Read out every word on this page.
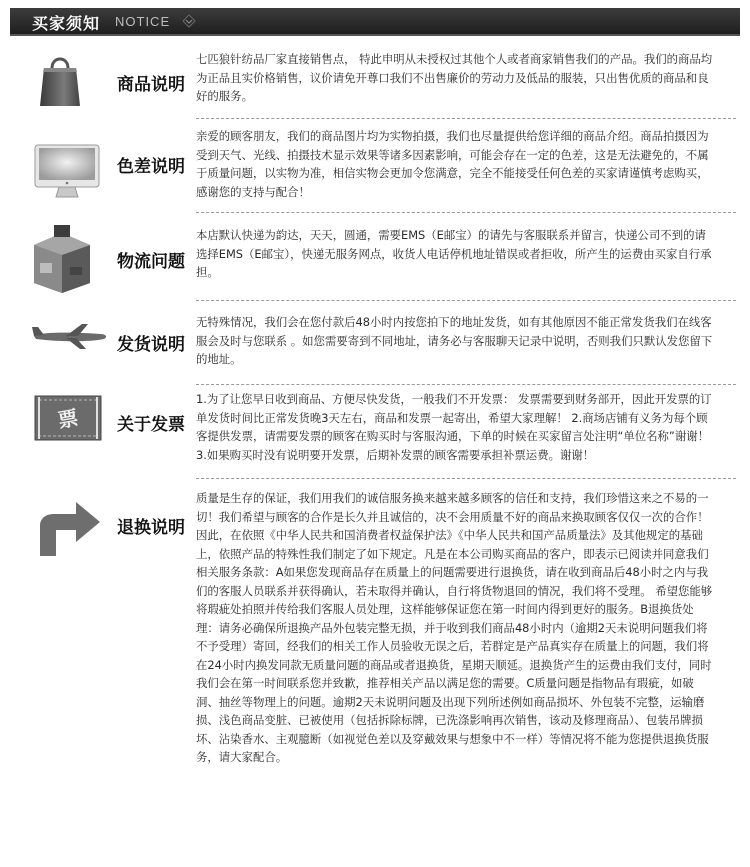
买家须知 NOTICE
商品说明
七匹狼针纺品厂家直接销售点， 特此申明从未授权过其他个人或者商家销售我们的产品。我们的商品均为正品且实价格销售，议价请免开尊口我们不出售廉价的劳动力及低品的服装，只出售优质的商品和良好的服务。
色差说明
亲爱的顾客朋友，我们的商品图片均为实物拍摄，我们也尽量提供给您详细的商品介绍。商品拍摄因为受到天气、光线、拍摄技术显示效果等诸多因素影响，可能会存在一定的色差，这是无法避免的，不属于质量问题，以实物为准，相信实物会更加令您满意，完全不能接受任何色差的买家请谨慎考虑购买，感谢您的支持与配合！
物流问题
本店默认快递为韵达，天天，圆通，需要EMS（E邮宝）的请先与客服联系并留言，快递公司不到的请选择EMS（E邮宝），快递无服务网点，收货人电话停机地址错误或者拒收，所产生的运费由买家自行承担。
发货说明
无特殊情况，我们会在您付款后48小时内按您拍下的地址发货，如有其他原因不能正常发货我们在线客服会及时与您联系 。如您需要寄到不同地址，请务必与客服聊天记录中说明，否则我们只默认发您留下的地址。
票 关于发票
1.为了让您早日收到商品、方便尽快发货，一般我们不开发票： 发票需要到财务部开，因此开发票的订单发货时间比正常发货晚3天左右，商品和发票一起寄出，希望大家理解！ 2.商场店铺有义务为每个顾客提供发票，请需要发票的顾客在购买时与客服沟通，下单的时候在买家留言处注明“单位名称”谢谢！3.如果购买时没有说明要开发票，后期补发票的顾客需要承担补票运费。谢谢！
退换说明
质量是生存的保证，我们用我们的诚信服务换来越来越多顾客的信任和支持，我们珍惜这来之不易的一切！我们希望与顾客的合作是长久并且诚信的，决不会用质量不好的商品来换取顾客仅仅一次的合作！因此，在依照《中华人民共和国消费者权益保护法》《中华人民共和国产品质量法》及其他规定的基础上，依照产品的特殊性我们制定了如下规定。凡是在本公司购买商品的客户，即表示已阅读并同意我们相关服务条款：A如果您发现商品存在质量上的问题需要进行退换货，请在收到商品后48小时之内与我们的客服人员联系并获得确认，若未取得并确认，自行将货物退回的情况，我们将不受理。 希望您能够将瑕疵处拍照并传给我们客服人员处理，这样能够保证您在第一时间内得到更好的服务。B退换货处理：请务必确保所退换产品外包装完整无损，并于收到我们商品48小时内（逾期2天未说明问题我们将不予受理）寄回，经我们的相关工作人员验收无误之后，若群定是产品真实存在质量上的问题，我们将在24小时内换发同款无质量问题的商品或者退换货，星期天顺延。退换货产生的运费由我们支付，同时我们会在第一时间联系您并致歉，推荐相关产品以满足您的需要。C质量问题是指物品有瑕疵，如破洞、抽丝等物理上的问题。逾期2天未说明问题及出现下列所述例如商品损坏、外包装不完整，运输磨损、浅色商品变脏、已被使用（包括拆除标牌，已洗涤影响再次销售，该动及修理商品）、包装吊牌损坏、沾染香水、主观臆断（如视觉色差以及穿戴效果与想象中不一样）等情况将不能为您提供退换货服务，请大家配合。
